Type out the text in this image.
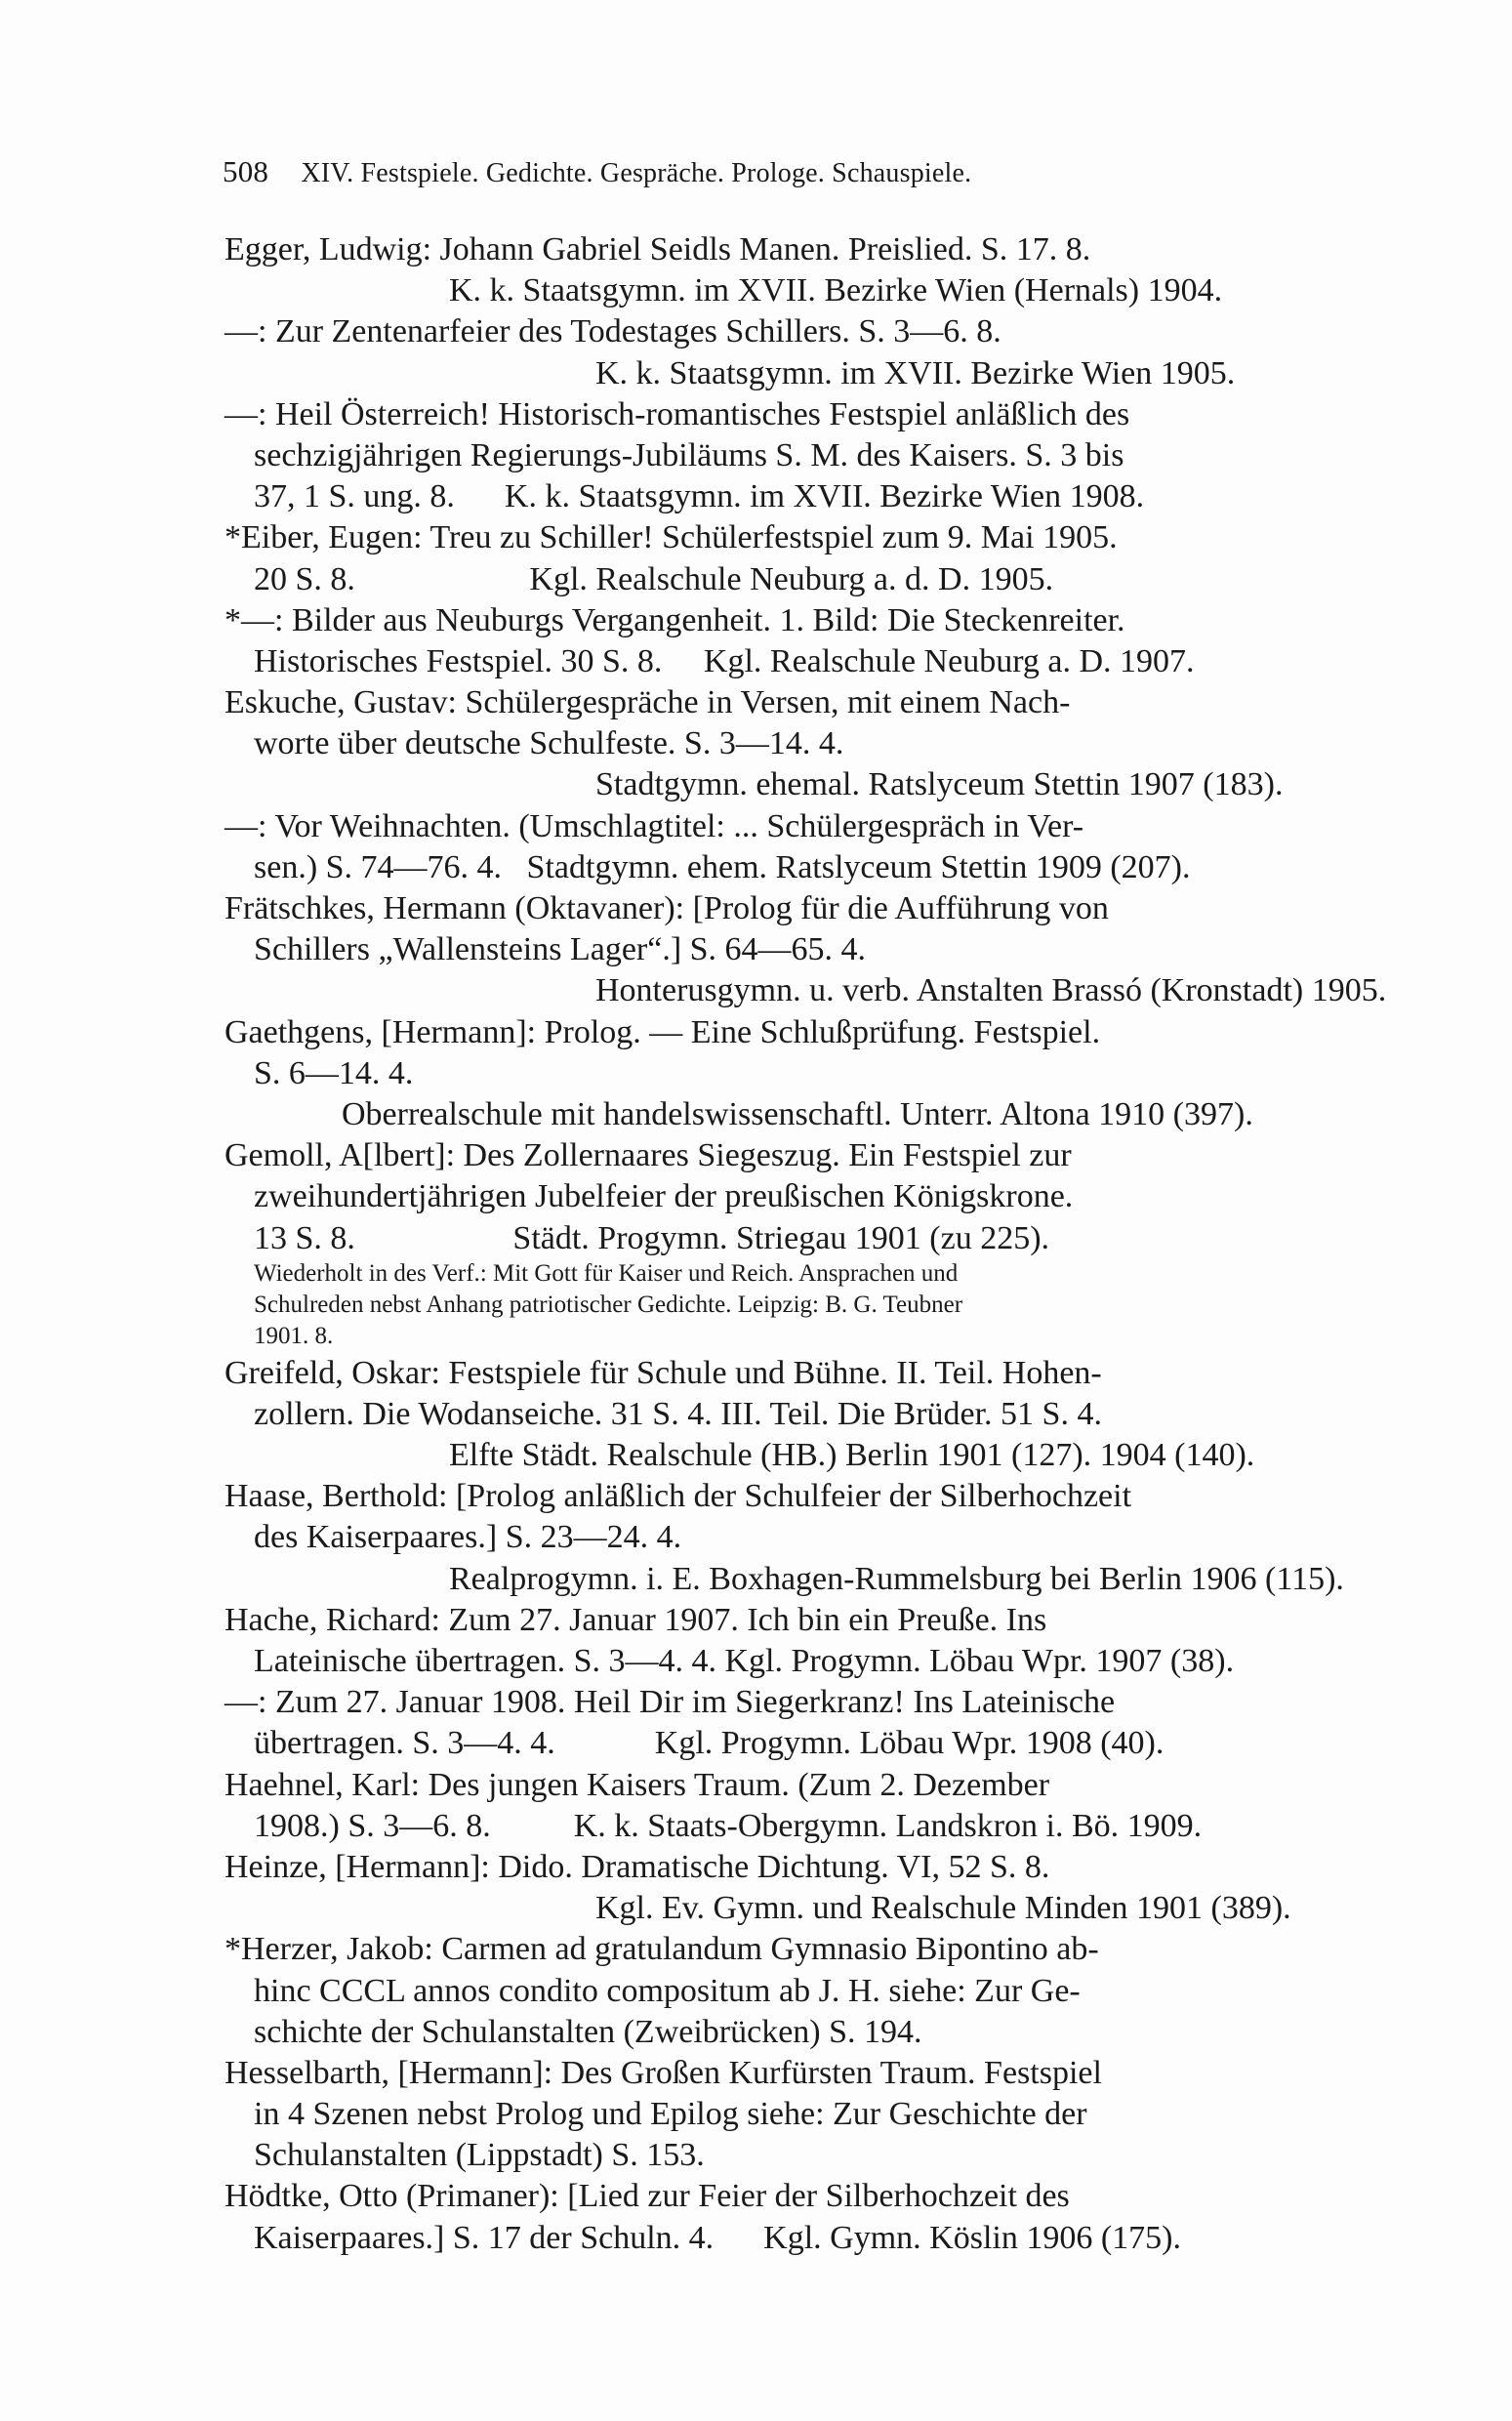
508 XIV. Festspiele. Gedichte. Gespräche. Prologe. Schauspiele.
Egger, Ludwig: Johann Gabriel Seidls Manen. Preislied. S. 17. 8.
K. k. Staatsgymn. im XVII. Bezirke Wien (Hernals) 1904.
—: Zur Zentenarfeier des Todestages Schillers. S. 3—6. 8.
K. k. Staatsgymn. im XVII. Bezirke Wien 1905.
—: Heil Österreich! Historisch-romantisches Festspiel anläßlich des
sechzigjährigen Regierungs-Jubiläums S. M. des Kaisers. S. 3 bis
37, 1 S. ung. 8.      K. k. Staatsgymn. im XVII. Bezirke Wien 1908.
*Eiber, Eugen: Treu zu Schiller! Schülerfestspiel zum 9. Mai 1905.
20 S. 8.                     Kgl. Realschule Neuburg a. d. D. 1905.
*—: Bilder aus Neuburgs Vergangenheit. 1. Bild: Die Steckenreiter.
Historisches Festspiel. 30 S. 8.     Kgl. Realschule Neuburg a. D. 1907.
Eskuche, Gustav: Schülergespräche in Versen, mit einem Nach-
worte über deutsche Schulfeste. S. 3—14. 4.
Stadtgymn. ehemal. Ratslyceum Stettin 1907 (183).
—: Vor Weihnachten. (Umschlagtitel: ... Schülergespräch in Ver-
sen.) S. 74—76. 4.   Stadtgymn. ehem. Ratslyceum Stettin 1909 (207).
Frätschkes, Hermann (Oktavaner): [Prolog für die Aufführung von
Schillers „Wallensteins Lager“.] S. 64—65. 4.
Honterusgymn. u. verb. Anstalten Brassó (Kronstadt) 1905.
Gaethgens, [Hermann]: Prolog. — Eine Schlußprüfung. Festspiel.
S. 6—14. 4.
Oberrealschule mit handelswissenschaftl. Unterr. Altona 1910 (397).
Gemoll, A[lbert]: Des Zollernaares Siegeszug. Ein Festspiel zur
zweihundertjährigen Jubelfeier der preußischen Königskrone.
13 S. 8.                   Städt. Progymn. Striegau 1901 (zu 225).
Wiederholt in des Verf.: Mit Gott für Kaiser und Reich. Ansprachen und
Schulreden nebst Anhang patriotischer Gedichte. Leipzig: B. G. Teubner
1901. 8.
Greifeld, Oskar: Festspiele für Schule und Bühne. II. Teil. Hohen-
zollern. Die Wodanseiche. 31 S. 4. III. Teil. Die Brüder. 51 S. 4.
Elfte Städt. Realschule (HB.) Berlin 1901 (127). 1904 (140).
Haase, Berthold: [Prolog anläßlich der Schulfeier der Silberhochzeit
des Kaiserpaares.] S. 23—24. 4.
Realprogymn. i. E. Boxhagen-Rummelsburg bei Berlin 1906 (115).
Hache, Richard: Zum 27. Januar 1907. Ich bin ein Preuße. Ins
Lateinische übertragen. S. 3—4. 4. Kgl. Progymn. Löbau Wpr. 1907 (38).
—: Zum 27. Januar 1908. Heil Dir im Siegerkranz! Ins Lateinische
übertragen. S. 3—4. 4.            Kgl. Progymn. Löbau Wpr. 1908 (40).
Haehnel, Karl: Des jungen Kaisers Traum. (Zum 2. Dezember
1908.) S. 3—6. 8.          K. k. Staats-Obergymn. Landskron i. Bö. 1909.
Heinze, [Hermann]: Dido. Dramatische Dichtung. VI, 52 S. 8.
Kgl. Ev. Gymn. und Realschule Minden 1901 (389).
*Herzer, Jakob: Carmen ad gratulandum Gymnasio Bipontino ab-
hinc CCCL annos condito compositum ab J. H. siehe: Zur Ge-
schichte der Schulanstalten (Zweibrücken) S. 194.
Hesselbarth, [Hermann]: Des Großen Kurfürsten Traum. Festspiel
in 4 Szenen nebst Prolog und Epilog siehe: Zur Geschichte der
Schulanstalten (Lippstadt) S. 153.
Hödtke, Otto (Primaner): [Lied zur Feier der Silberhochzeit des
Kaiserpaares.] S. 17 der Schuln. 4.      Kgl. Gymn. Köslin 1906 (175).
